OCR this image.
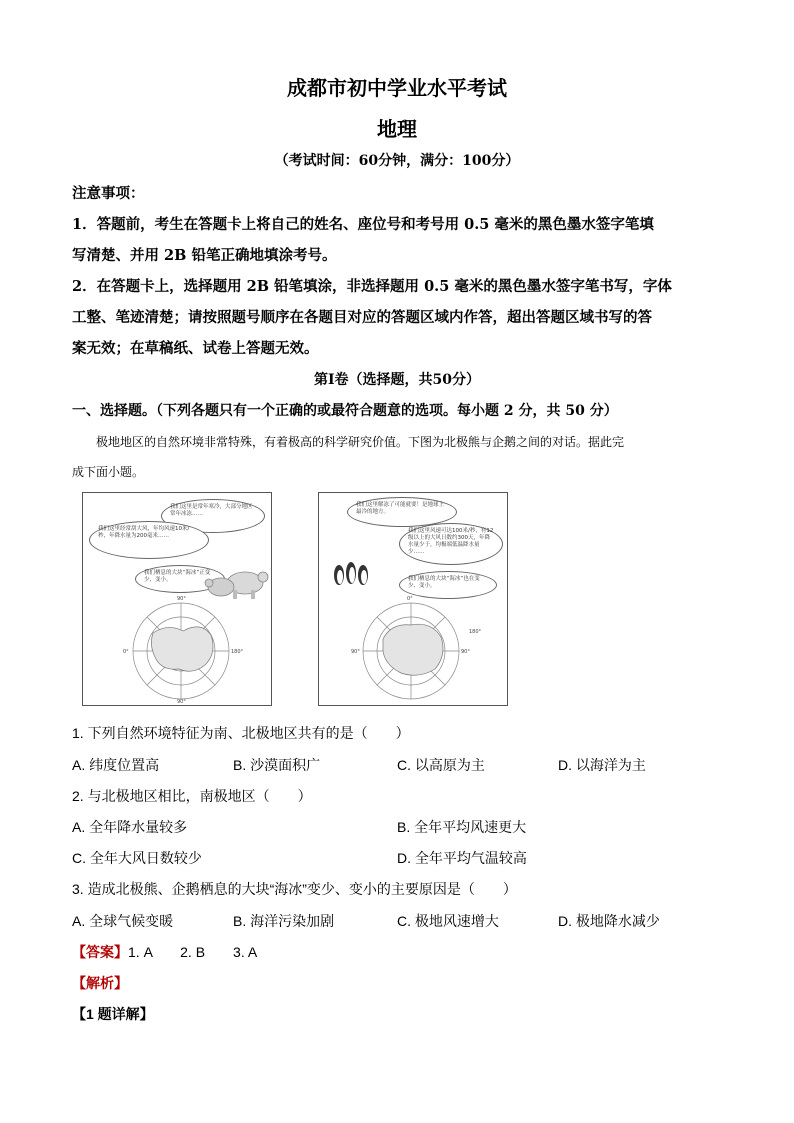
成都市初中学业水平考试
地理
（考试时间：60分钟，满分：100分）
注意事项：
1．答题前，考生在答题卡上将自己的姓名、座位号和考号用 0.5 毫米的黑色墨水签字笔填
写清楚、并用 2B 铅笔正确地填涂考号。
2．在答题卡上，选择题用 2B 铅笔填涂，非选择题用 0.5 毫米的黑色墨水签字笔书写，字体
工整、笔迹清楚；请按照题号顺序在各题目对应的答题区域内作答，超出答题区域书写的答
案无效；在草稿纸、试卷上答题无效。
第Ⅰ卷（选择题，共50分）
一、选择题。（下列各题只有一个正确的或最符合题意的选项。每小题 2 分，共 50 分）
极地地区的自然环境非常特殊，有着极高的科学研究价值。下图为北极熊与企鹅之间的对话。据此完
成下面小题。
我们这里是常年寒冷，大部分地区常年冰冻……
我们这里经常刮大风，年均风速10米/秒，年降水量为200毫米……
我们栖息的大块“海冰”正变少、变小。
90°
180°
0°
90°
我们这里解冻了可能就要！是地球上最冷的地方。
我们这里风速可达100米/秒，有12级以上的大风日数约300天，年降水量少于，均极端低温降水量少……
我们栖息的大块“海冰”也在变少、变小。
0°
90°
180°
90°
1. 下列自然环境特征为南、北极地区共有的是（　　）
A. 纬度位置高	B. 沙漠面积广	C. 以高原为主	D. 以海洋为主
2. 与北极地区相比，南极地区（　　）
A. 全年降水量较多	B. 全年平均风速更大
C. 全年大风日数较少	D. 全年平均气温较高
3. 造成北极熊、企鹅栖息的大块“海冰”变少、变小的主要原因是（　　）
A. 全球气候变暖	B. 海洋污染加剧	C. 极地风速增大	D. 极地降水减少
【答案】1. A　　2. B　　3. A
【解析】
【1 题详解】
